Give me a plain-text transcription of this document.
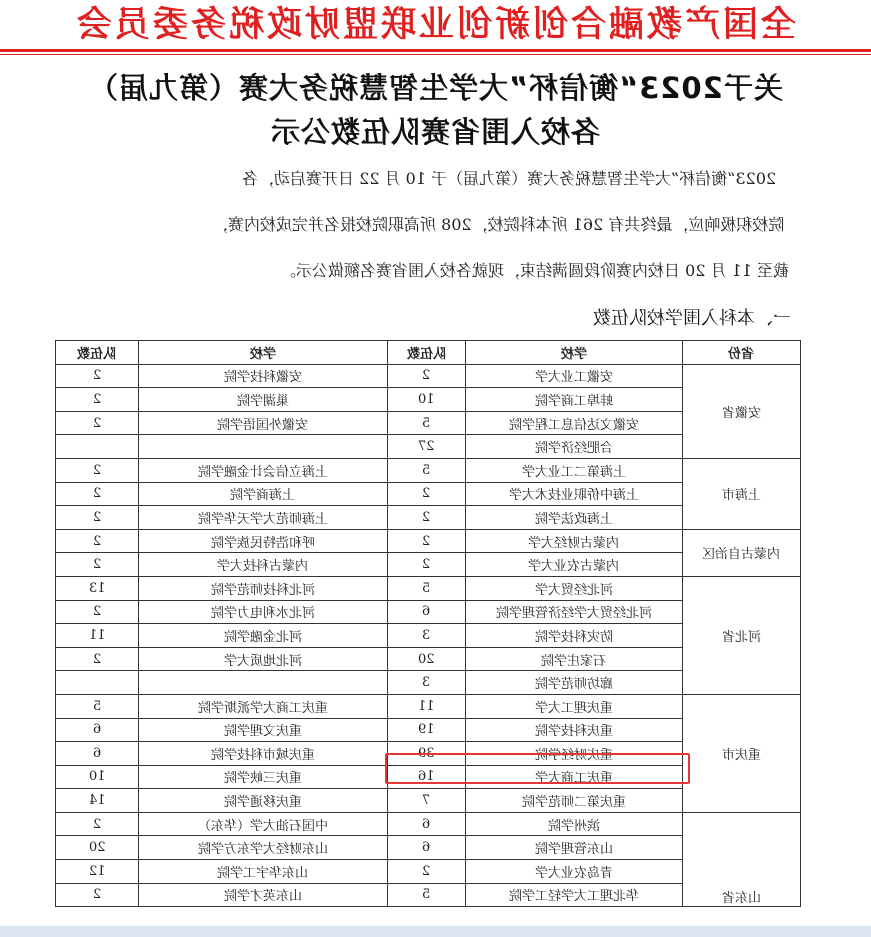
全国产教融合创新创业联盟财政税务委员会
关于2023“衡信杯”大学生智慧税务大赛（第九届）
各校入围省赛队伍数公示
2023“衡信杯”大学生智慧税务大赛（第九届）于 10 月 22 日开赛启动，各
院校积极响应，最终共有 261 所本科院校，208 所高职院校报名并完成校内赛，
截至 11 月 20 日校内赛阶段圆满结束，现就各校入围省赛名额做公示。
一、本科入围学校队伍数
队伍数	学校	队伍数	学校	省份
2	安徽科技学院	2	安徽工业大学	安徽省
2	巢湖学院	10	蚌埠工商学院	
2	安徽外国语学院	5	安徽文达信息工程学院	
		27	合肥经济学院	
2	上海立信会计金融学院	5	上海第二工业大学	上海市
2	上海商学院	2	上海中侨职业技术大学	
2	上海师范大学天华学院	2	上海政法学院	
2	呼和浩特民族学院	2	内蒙古财经大学	内蒙古自治区
2	内蒙古科技大学	2	内蒙古农业大学	
13	河北科技师范学院	5	河北经贸大学	河北省
2	河北水利电力学院	6	河北经贸大学经济管理学院	
11	河北金融学院	3	防灾科技学院	
2	河北地质大学	20	石家庄学院	
		3	廊坊师范学院	
5	重庆工商大学派斯学院	11	重庆理工大学	重庆市
6	重庆文理学院	19	重庆科技学院	
6	重庆城市科技学院	39	重庆财经学院	
10	重庆三峡学院	16	重庆工商大学	
14	重庆移通学院	7	重庆第二师范学院	
2	中国石油大学（华东）	6	滨州学院	山东省
20	山东财经大学东方学院	6	山东管理学院	
12	山东华宇工学院	2	青岛农业大学	
2	山东英才学院	5	华北理工大学轻工学院	
